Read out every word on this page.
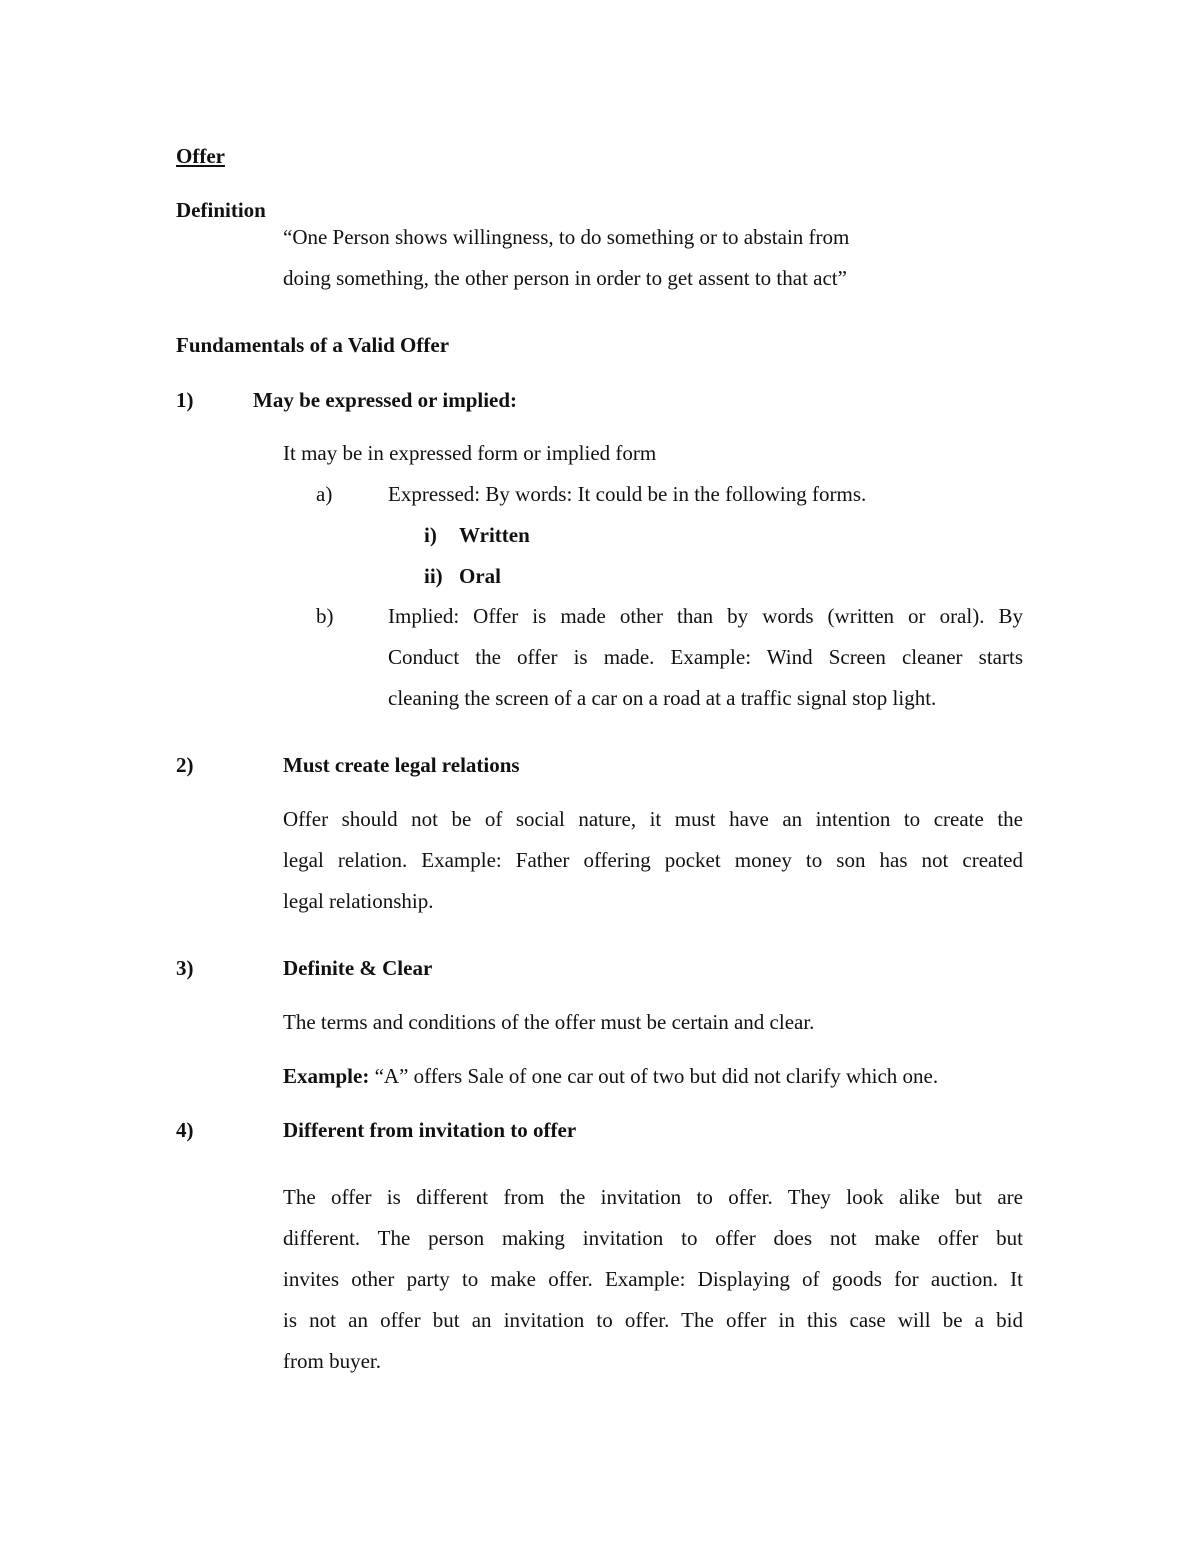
Offer

Definition

“One Person shows willingness, to do something or to abstain from

doing something, the other person in order to get assent to that act”

Fundamentals of a Valid Offer

1)	May be expressed or implied:

It may be in expressed form or implied form

a)	Expressed: By words: It could be in the following forms.

i) Written

ii) Oral

b)	Implied: Offer is made other than by words (written or oral). By

Conduct the offer is made. Example: Wind Screen cleaner starts

cleaning the screen of a car on a road at a traffic signal stop light.

2)	Must create legal relations

Offer should not be of social nature, it must have an intention to create the

legal relation. Example: Father offering pocket money to son has not created

legal relationship.

3)	Definite & Clear

The terms and conditions of the offer must be certain and clear.

Example: “A” offers Sale of one car out of two but did not clarify which one.

4)	Different from invitation to offer

The offer is different from the invitation to offer. They look alike but are

different. The person making invitation to offer does not make offer but

invites other party to make offer. Example: Displaying of goods for auction. It

is not an offer but an invitation to offer. The offer in this case will be a bid

from buyer.
